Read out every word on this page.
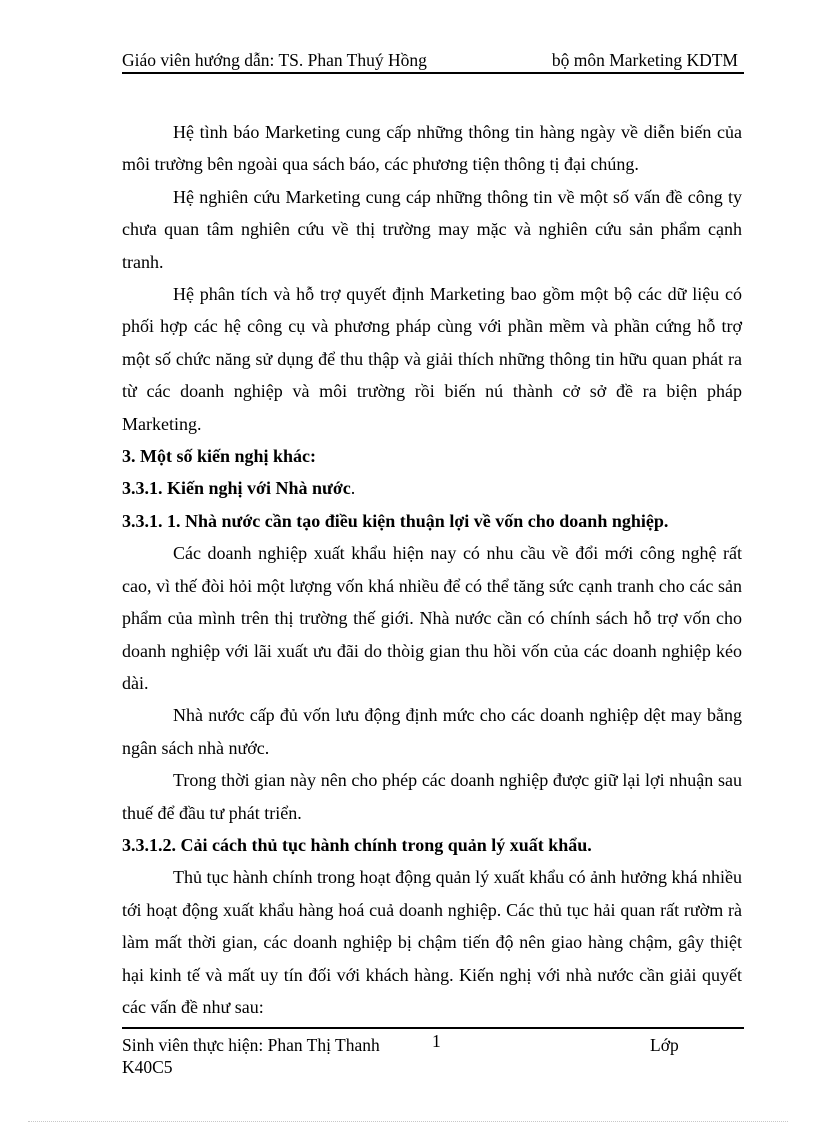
Giáo viên hướng dẫn: TS. Phan Thuý Hồng	bộ môn Marketing KDTM

Hệ tình báo Marketing cung cấp những thông tin hàng ngày về diễn biến của môi trường bên ngoài qua sách báo, các phương tiện thông tị đại chúng.

Hệ nghiên cứu Marketing cung cáp những thông tin về một số vấn đề công ty chưa quan tâm nghiên cứu về thị trường may mặc và nghiên cứu sản phẩm cạnh tranh.

Hệ phân tích và hỗ trợ quyết định Marketing bao gồm một bộ các dữ liệu có phối hợp các hệ công cụ và phương pháp cùng với phần mềm và phần cứng hỗ trợ một số chức năng sử dụng để thu thập và giải thích những thông tin hữu quan phát ra từ các doanh nghiệp và môi trường rồi biến nú thành cở sở đề ra biện pháp Marketing.

3. Một số kiến nghị khác:

3.3.1. Kiến nghị với Nhà nước.

3.3.1. 1. Nhà nước cần tạo điều kiện thuận lợi về vốn cho doanh nghiệp.

Các doanh nghiệp xuất khẩu hiện nay có nhu cầu về đổi mới công nghệ rất cao, vì thế đòi hỏi một lượng vốn khá nhiều để có thể tăng sức cạnh tranh cho các sản phẩm của mình trên thị trường thế giới. Nhà nước cần có chính sách hỗ trợ vốn cho doanh nghiệp với lãi xuất ưu đãi do thòig gian thu hồi vốn của các doanh nghiệp kéo dài.

Nhà nước cấp đủ vốn lưu động định mức cho các doanh nghiệp dệt may bằng ngân sách nhà nước.

Trong thời gian này nên cho phép các doanh nghiệp được giữ lại lợi nhuận sau thuế để đầu tư phát triển.

3.3.1.2. Cải cách thủ tục hành chính trong quản lý xuất khẩu.

Thủ tục hành chính trong hoạt động quản lý xuất khẩu có ảnh hưởng khá nhiều tới hoạt động xuất khẩu hàng hoá cuả doanh nghiệp. Các thủ tục hải quan rất rườm rà làm mất thời gian, các doanh nghiệp bị chậm tiến độ nên giao hàng chậm, gây thiệt hại kinh tế và mất uy tín đối với khách hàng. Kiến nghị với nhà nước cần giải quyết các vấn đề như sau:

Sinh viên thực hiện: Phan Thị Thanh	1	Lớp
K40C5
